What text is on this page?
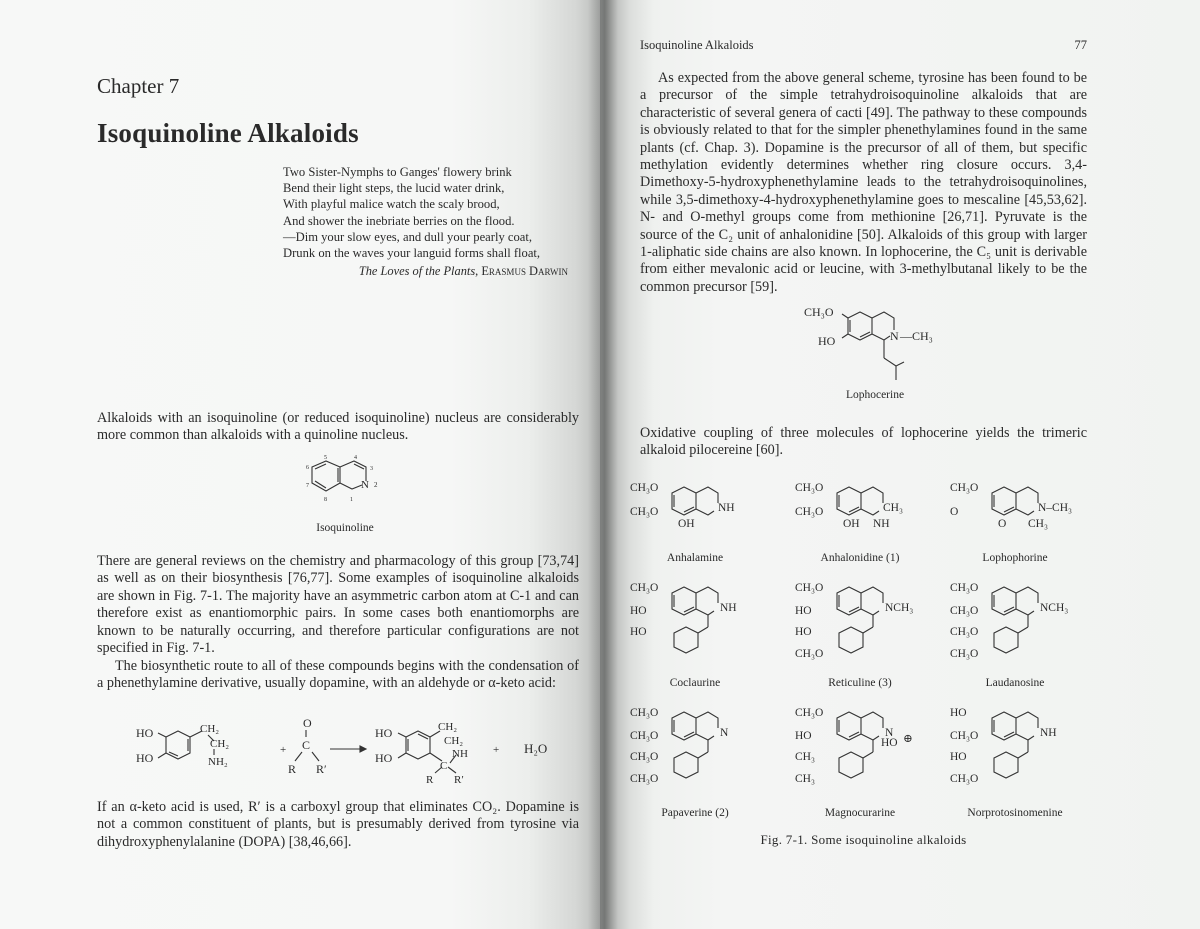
Chapter 7
Isoquinoline Alkaloids
Two Sister-Nymphs to Ganges' flowery brink
Bend their light steps, the lucid water drink,
With playful malice watch the scaly brood,
And shower the inebriate berries on the flood.
—Dim your slow eyes, and dull your pearly coat,
Drunk on the waves your languid forms shall float,
The Loves of the Plants, Erasmus Darwin
Alkaloids with an isoquinoline (or reduced isoquinoline) nucleus are considerably more common than alkaloids with a quinoline nucleus.
5	4
6	3
7	2
8	1
N
Isoquinoline
There are general reviews on the chemistry and pharmacology of this group [73,74] as well as on their biosynthesis [76,77]. Some examples of isoquinoline alkaloids are shown in Fig. 7-1. The majority have an asymmetric carbon atom at C-1 and can therefore exist as enantiomorphic pairs. In some cases both enantiomorphs are known to be naturally occurring, and therefore particular configurations are not specified in Fig. 7-1.
The biosynthetic route to all of these compounds begins with the condensation of a phenethylamine derivative, usually dopamine, with an aldehyde or α-keto acid:
HO
HO
CH₂
CH₂
NH₂
+
O
C
R R′
HO
HO
CH₂
CH₂
NH
C
R R′
+ H₂O
If an α-keto acid is used, R′ is a carboxyl group that eliminates CO₂. Dopamine is not a common constituent of plants, but is presumably derived from tyrosine via dihydroxyphenylalanine (DOPA) [38,46,66].
Isoquinoline Alkaloids	77
As expected from the above general scheme, tyrosine has been found to be a precursor of the simple tetrahydroisoquinoline alkaloids that are characteristic of several genera of cacti [49]. The pathway to these compounds is obviously related to that for the simpler phenethylamines found in the same plants (cf. Chap. 3). Dopamine is the precursor of all of them, but specific methylation evidently determines whether ring closure occurs. 3,4-Dimethoxy-5-hydroxyphenethylamine leads to the tetrahydroisoquinolines, while 3,5-dimethoxy-4-hydroxyphenethylamine goes to mescaline [45,53,62]. N- and O-methyl groups come from methionine [26,71]. Pyruvate is the source of the C₂ unit of anhalonidine [50]. Alkaloids of this group with larger 1-aliphatic side chains are also known. In lophocerine, the C₅ unit is derivable from either mevalonic acid or leucine, with 3-methylbutanal likely to be the common precursor [59].
CH₃O
HO	N —CH₃
Lophocerine
Oxidative coupling of three molecules of lophocerine yields the trimeric alkaloid pilocereine [60].
CH₃O
CH₃O
OH
NH
Anhalamine
CH₃O
CH₃O
OH
CH₃
NH
Anhalonidine (1)
CH₃O
O
O
N–CH₃
CH₃
Lophophorine
CH₃O
HO	NH
HO
Coclaurine
CH₃O
HO	NCH₃
HO
CH₃O
Reticuline (3)
CH₃O
CH₃O	NCH₃
CH₃O
CH₃O
Laudanosine
CH₃O
CH₃O	N
CH₃O
CH₃O
Papaverine (2)
CH₃O
HO	N
CH₃
CH₃
⊕
HO
Magnocurarine
HO
CH₃O	NH
HO
CH₃O
Norprotosinomenine
Fig. 7-1. Some isoquinoline alkaloids
